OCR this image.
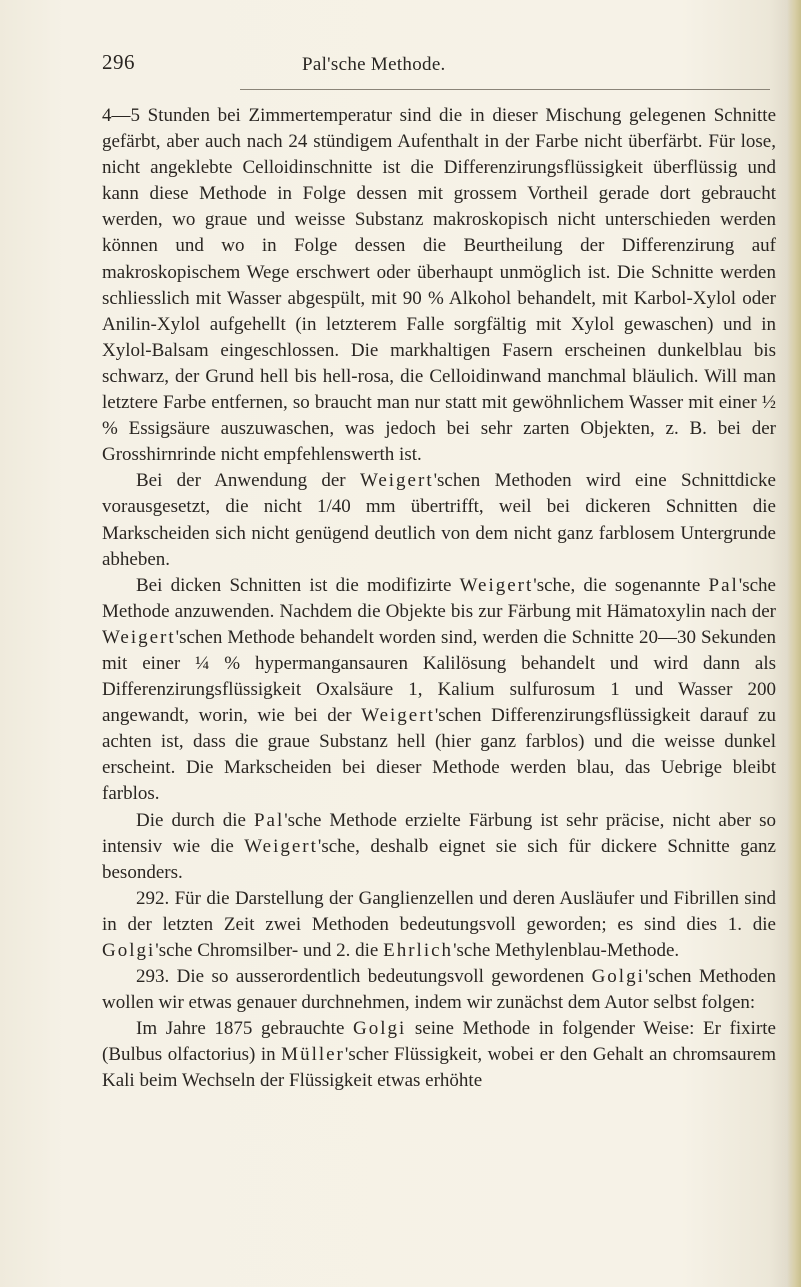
296	Pal'sche Methode.

4—5 Stunden bei Zimmertemperatur sind die in dieser Mischung gelegenen Schnitte gefärbt, aber auch nach 24 stündigem Aufenthalt in der Farbe nicht überfärbt. Für lose, nicht angeklebte Celloidinschnitte ist die Differenzirungsflüssigkeit überflüssig und kann diese Methode in Folge dessen mit grossem Vortheil gerade dort gebraucht werden, wo graue und weisse Substanz makroskopisch nicht unterschieden werden können und wo in Folge dessen die Beurtheilung der Differenzirung auf makroskopischem Wege erschwert oder überhaupt unmöglich ist. Die Schnitte werden schliesslich mit Wasser abgespült, mit 90 % Alkohol behandelt, mit Karbol-Xylol oder Anilin-Xylol aufgehellt (in letzterem Falle sorgfältig mit Xylol gewaschen) und in Xylol-Balsam eingeschlossen. Die markhaltigen Fasern erscheinen dunkelblau bis schwarz, der Grund hell bis hell-rosa, die Celloidinwand manchmal bläulich. Will man letztere Farbe entfernen, so braucht man nur statt mit gewöhnlichem Wasser mit einer ½ % Essigsäure auszuwaschen, was jedoch bei sehr zarten Objekten, z. B. bei der Grosshirnrinde nicht empfehlenswerth ist.

Bei der Anwendung der Weigert'schen Methoden wird eine Schnittdicke vorausgesetzt, die nicht 1/40 mm übertrifft, weil bei dickeren Schnitten die Markscheiden sich nicht genügend deutlich von dem nicht ganz farblosem Untergrunde abheben.

Bei dicken Schnitten ist die modifizirte Weigert'sche, die sogenannte Pal'sche Methode anzuwenden. Nachdem die Objekte bis zur Färbung mit Hämatoxylin nach der Weigert'schen Methode behandelt worden sind, werden die Schnitte 20—30 Sekunden mit einer ¼ % hypermangansauren Kalilösung behandelt und wird dann als Differenzirungsflüssigkeit Oxalsäure 1, Kalium sulfurosum 1 und Wasser 200 angewandt, worin, wie bei der Weigert'schen Differenzirungsflüssigkeit darauf zu achten ist, dass die graue Substanz hell (hier ganz farblos) und die weisse dunkel erscheint. Die Markscheiden bei dieser Methode werden blau, das Uebrige bleibt farblos.

Die durch die Pal'sche Methode erzielte Färbung ist sehr präcise, nicht aber so intensiv wie die Weigert'sche, deshalb eignet sie sich für dickere Schnitte ganz besonders.

292. Für die Darstellung der Ganglienzellen und deren Ausläufer und Fibrillen sind in der letzten Zeit zwei Methoden bedeutungsvoll geworden; es sind dies 1. die Golgi'sche Chromsilber- und 2. die Ehrlich'sche Methylenblau-Methode.

293. Die so ausserordentlich bedeutungsvoll gewordenen Golgi'schen Methoden wollen wir etwas genauer durchnehmen, indem wir zunächst dem Autor selbst folgen:

Im Jahre 1875 gebrauchte Golgi seine Methode in folgender Weise: Er fixirte (Bulbus olfactorius) in Müller'scher Flüssigkeit, wobei er den Gehalt an chromsaurem Kali beim Wechseln der Flüssigkeit etwas erhöhte
